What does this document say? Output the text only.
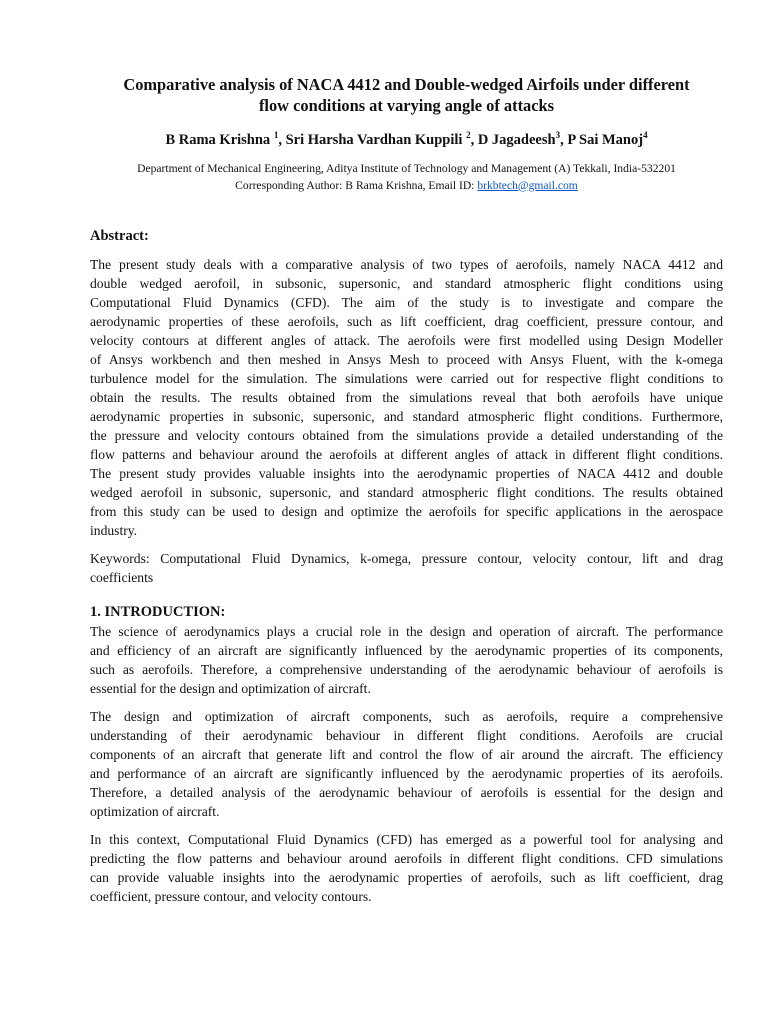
Comparative analysis of NACA 4412 and Double-wedged Airfoils under different
flow conditions at varying angle of attacks
B Rama Krishna $^1$, Sri Harsha Vardhan Kuppili $^2$, D Jagadeesh$^3$, P Sai Manoj$^4$
Department of Mechanical Engineering, Aditya Institute of Technology and Management (A) Tekkali, India-532201
Corresponding Author: B Rama Krishna, Email ID: brkbtech@gmail.com
Abstract:
The present study deals with a comparative analysis of two types of aerofoils, namely NACA 4412 and
double wedged aerofoil, in subsonic, supersonic, and standard atmospheric flight conditions using
Computational Fluid Dynamics (CFD). The aim of the study is to investigate and compare the
aerodynamic properties of these aerofoils, such as lift coefficient, drag coefficient, pressure contour, and
velocity contours at different angles of attack. The aerofoils were first modelled using Design Modeller
of Ansys workbench and then meshed in Ansys Mesh to proceed with Ansys Fluent, with the k-omega
turbulence model for the simulation. The simulations were carried out for respective flight conditions to
obtain the results. The results obtained from the simulations reveal that both aerofoils have unique
aerodynamic properties in subsonic, supersonic, and standard atmospheric flight conditions. Furthermore,
the pressure and velocity contours obtained from the simulations provide a detailed understanding of the
flow patterns and behaviour around the aerofoils at different angles of attack in different flight conditions.
The present study provides valuable insights into the aerodynamic properties of NACA 4412 and double
wedged aerofoil in subsonic, supersonic, and standard atmospheric flight conditions. The results obtained
from this study can be used to design and optimize the aerofoils for specific applications in the aerospace
industry.
Keywords: Computational Fluid Dynamics, k-omega, pressure contour, velocity contour, lift and drag
coefficients
1. INTRODUCTION:
The science of aerodynamics plays a crucial role in the design and operation of aircraft. The performance
and efficiency of an aircraft are significantly influenced by the aerodynamic properties of its components,
such as aerofoils. Therefore, a comprehensive understanding of the aerodynamic behaviour of aerofoils is
essential for the design and optimization of aircraft.
The design and optimization of aircraft components, such as aerofoils, require a comprehensive
understanding of their aerodynamic behaviour in different flight conditions. Aerofoils are crucial
components of an aircraft that generate lift and control the flow of air around the aircraft. The efficiency
and performance of an aircraft are significantly influenced by the aerodynamic properties of its aerofoils.
Therefore, a detailed analysis of the aerodynamic behaviour of aerofoils is essential for the design and
optimization of aircraft.
In this context, Computational Fluid Dynamics (CFD) has emerged as a powerful tool for analysing and
predicting the flow patterns and behaviour around aerofoils in different flight conditions. CFD simulations
can provide valuable insights into the aerodynamic properties of aerofoils, such as lift coefficient, drag
coefficient, pressure contour, and velocity contours.
